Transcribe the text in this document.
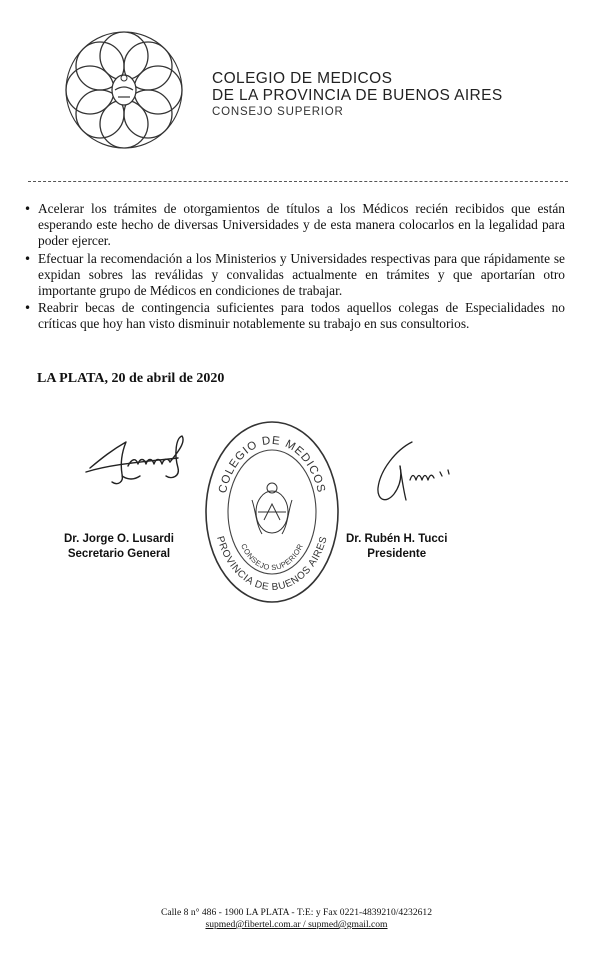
COLEGIO DE MEDICOS
DE LA PROVINCIA DE BUENOS AIRES
CONSEJO SUPERIOR
• Acelerar los trámites de otorgamientos de títulos a los Médicos recién recibidos que están esperando este hecho de diversas Universidades y de esta manera colocarlos en la legalidad para poder ejercer.
• Efectuar la recomendación a los Ministerios y Universidades respectivas para que rápidamente se expidan sobres las reválidas y convalidas actualmente en trámites y que aportarían otro importante grupo de Médicos en condiciones de trabajar.
• Reabrir becas de contingencia suficientes para todos aquellos colegas de Especialidades no críticas que hoy han visto disminuir notablemente su trabajo en sus consultorios.
LA PLATA, 20 de abril de 2020
COLEGIO DE MEDICOS
PROVINCIA DE BUENOS AIRES
CONSEJO SUPERIOR
Dr. Jorge O. Lusardi
Secretario General
Dr. Rubén H. Tucci
Presidente
Calle 8 n° 486 - 1900 LA PLATA - T:E: y Fax 0221-4839210/4232612
supmed@fibertel.com.ar / supmed@gmail.com
